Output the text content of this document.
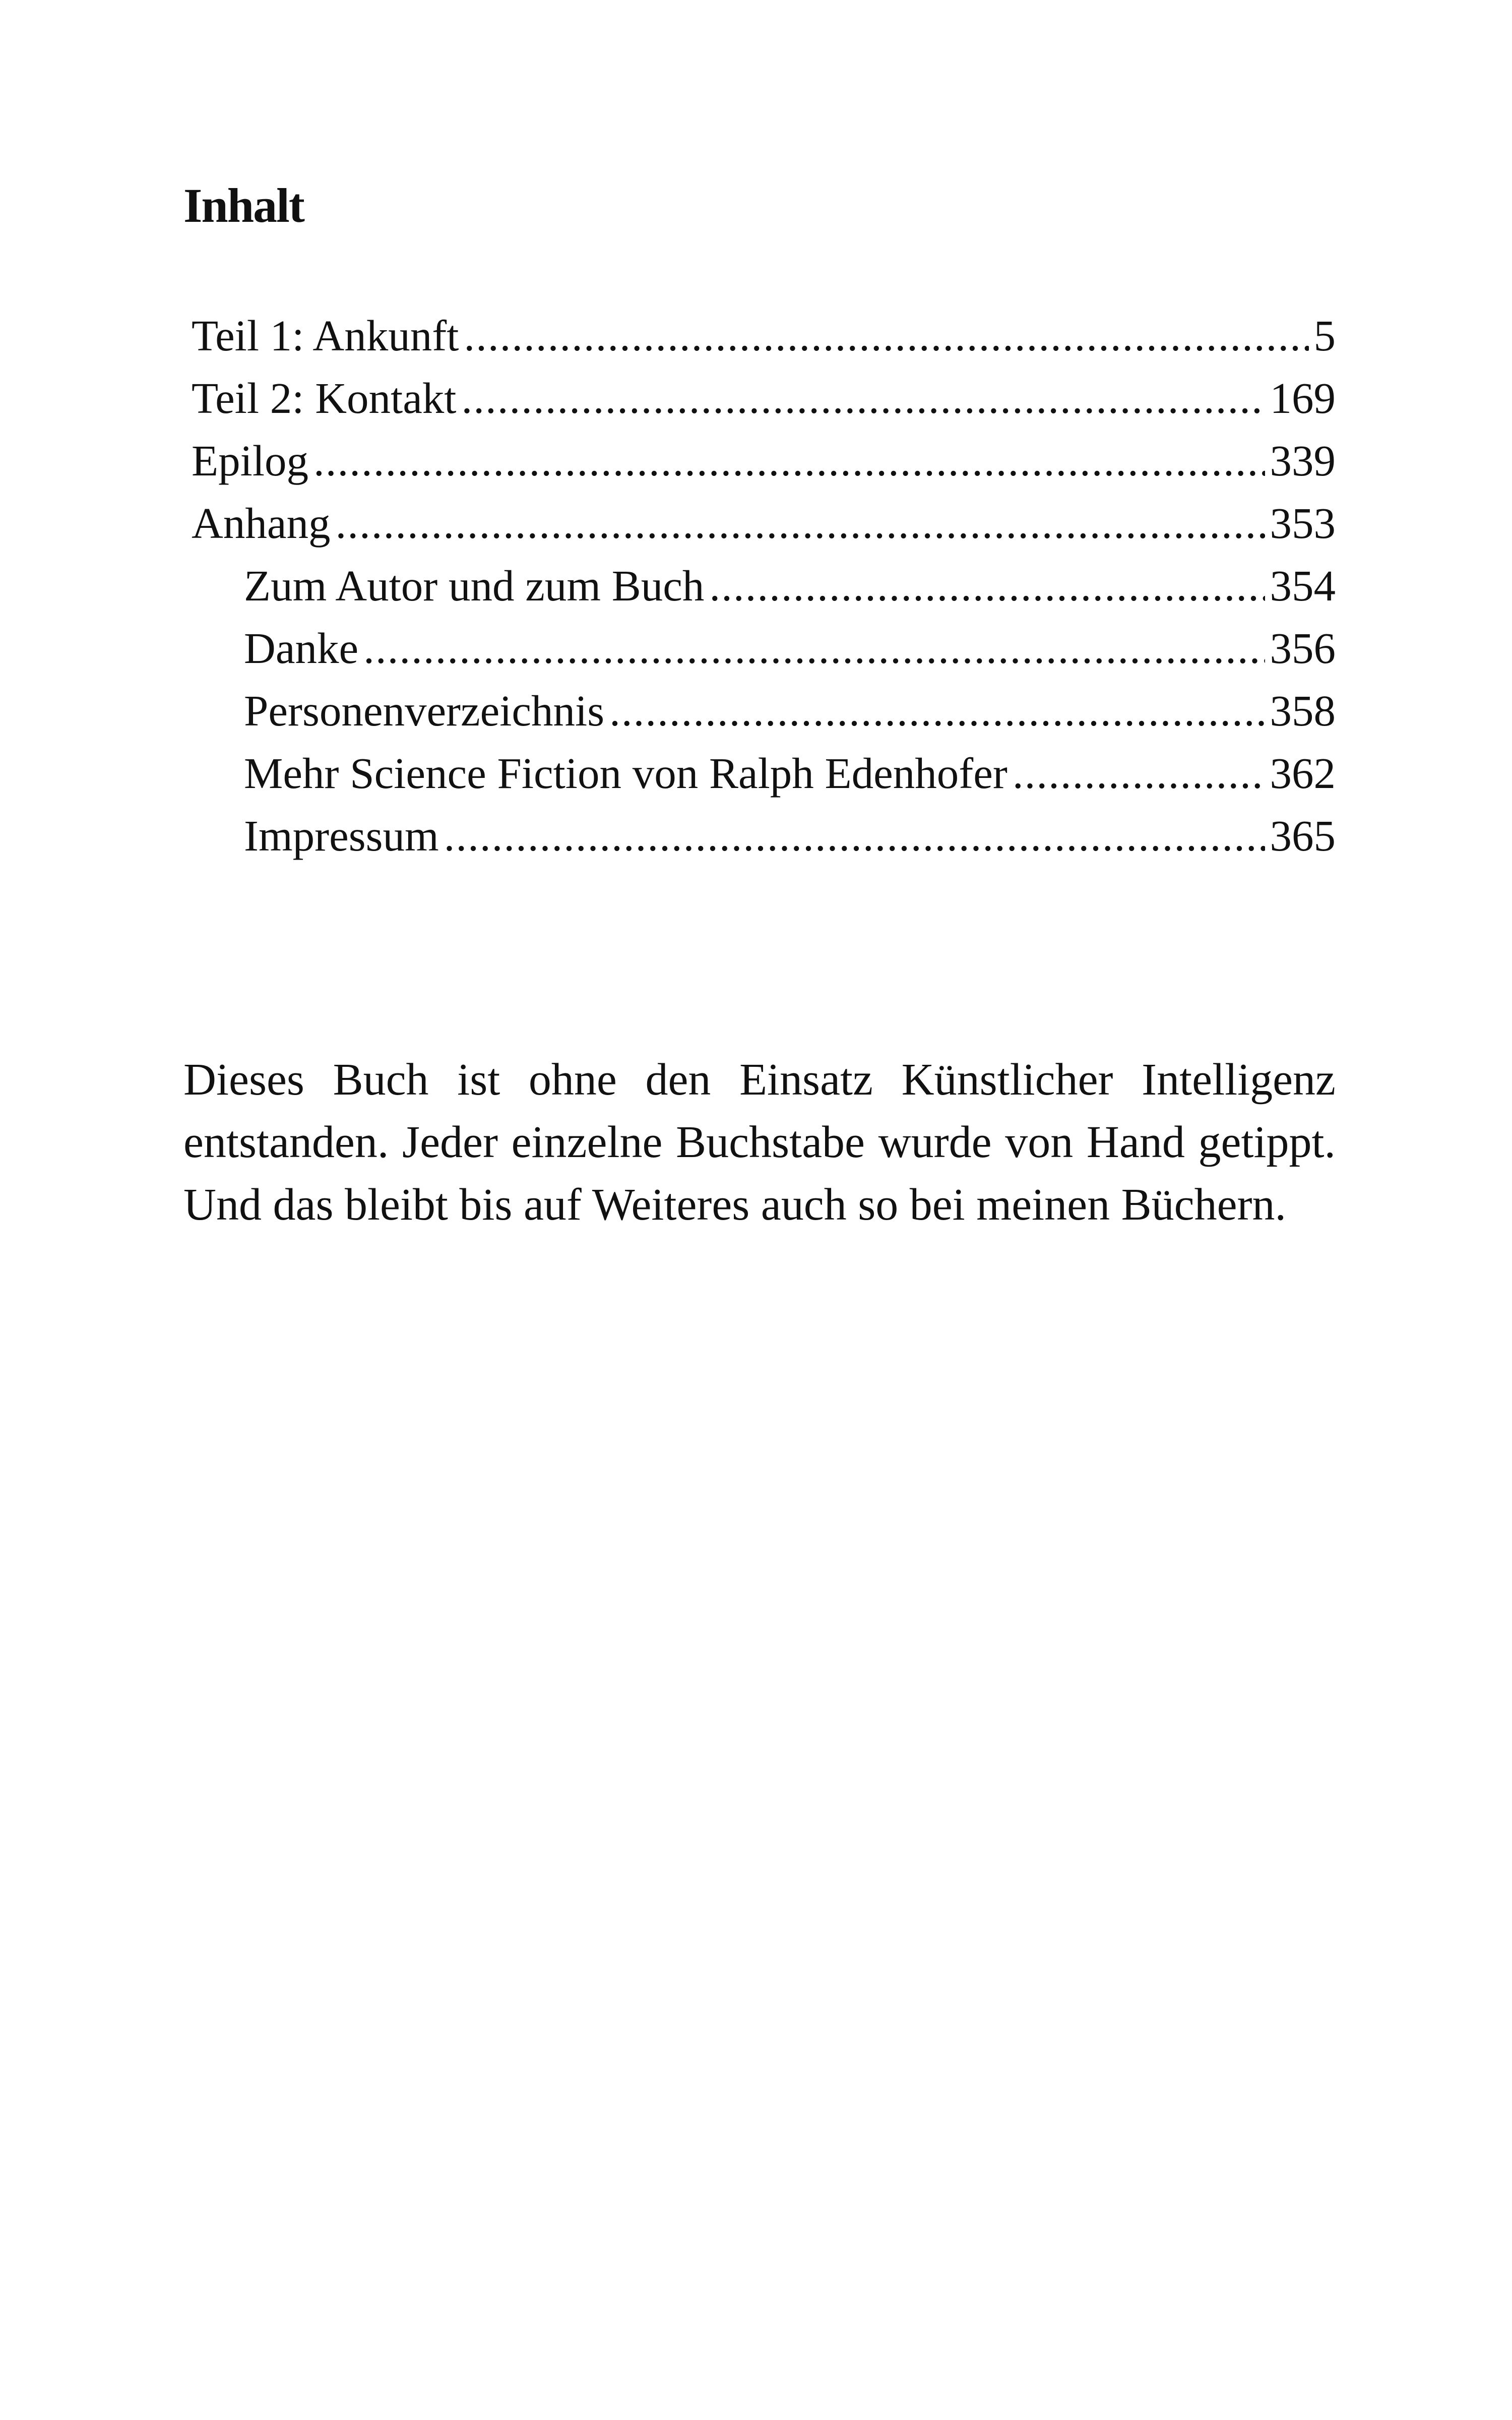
Inhalt
Teil 1: Ankunft .....	5
Teil 2: Kontakt .....	169
Epilog .....	339
Anhang .....	353
Zum Autor und zum Buch .....	354
Danke .....	356
Personenverzeichnis .....	358
Mehr Science Fiction von Ralph Edenhofer .....	362
Impressum .....	365

Dieses Buch ist ohne den Einsatz Künstlicher Intelligenz entstanden. Jeder einzelne Buchstabe wurde von Hand getippt. Und das bleibt bis auf Weiteres auch so bei meinen Büchern.
